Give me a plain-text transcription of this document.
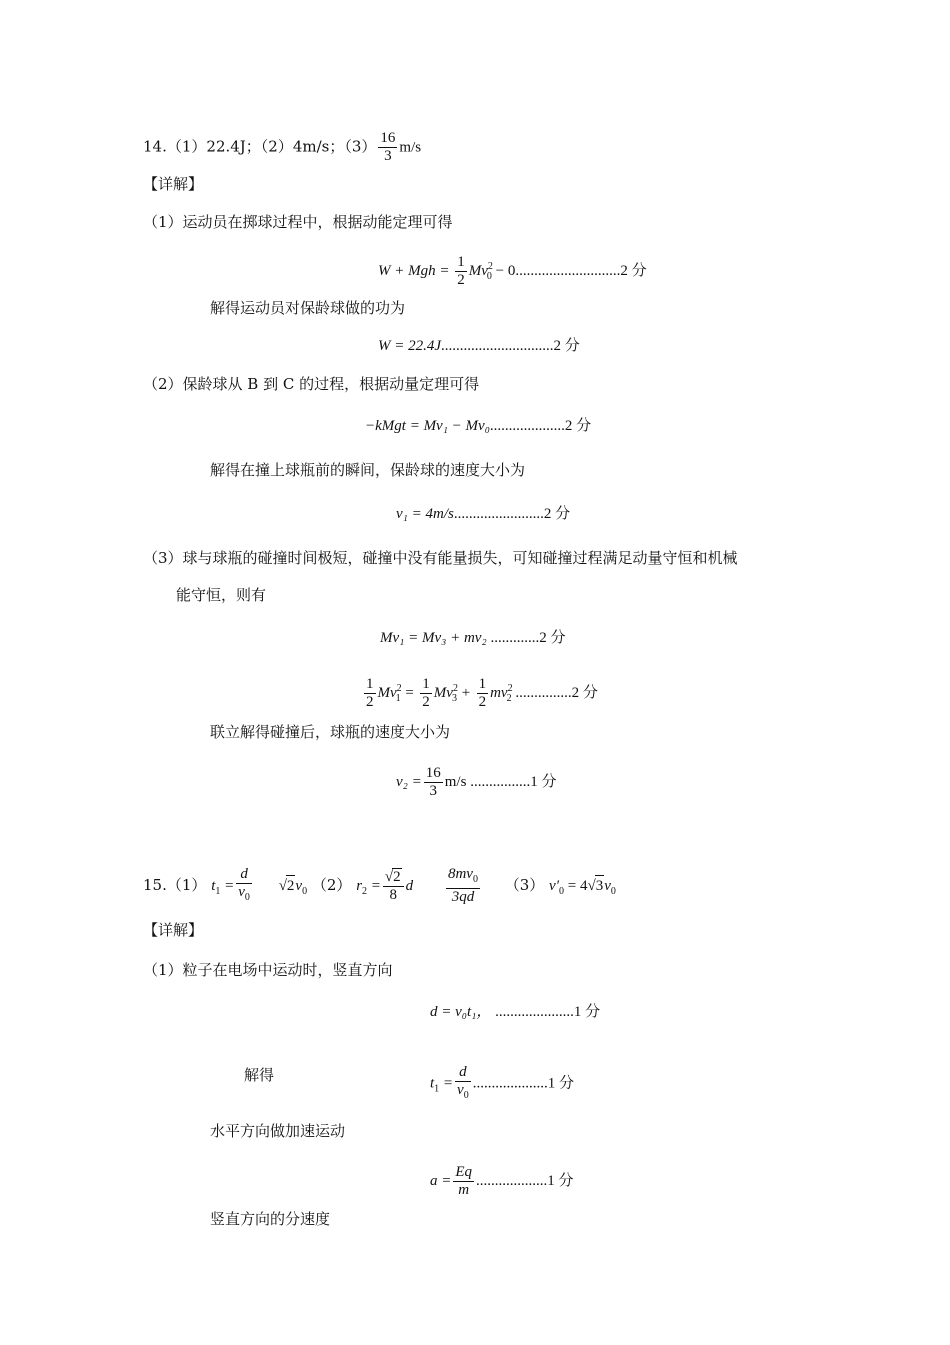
14.（1）22.4J；（2）4m/s；$(3) \frac{16}{3} m/s$
【详解】
（1）运动员在掷球过程中，根据动能定理可得
W + Mgh = $\frac{1}{2} Mv^2_0 - 0............................2$ 分
解得运动员对保龄球做的功为
W = 22.4J..............................2 分
（2）保龄球从 B 到 C 的过程，根据动量定理可得
−kMgt = Mv₁ − Mv₀....................2 分
解得在撞上球瓶前的瞬间，保龄球的速度大小为
v₁ = 4m/s........................2 分
（3）球与球瓶的碰撞时间极短，碰撞中没有能量损失，可知碰撞过程满足动量守恒和机械
能守恒，则有
Mv₁ = Mv₃ + mv₂ .............2 分
$\frac{1}{2} Mv^2_1 = \frac{1}{2} Mv^2_3 + \frac{1}{2} mv^2_2$ ...............2 分
联立解得碰撞后，球瓶的速度大小为
$v_2 = \frac{16}{3} m/s$ ................1 分
15.（1） $t_1 = \frac{d}{v_0} √2v_0$ （2） $r_2 = \frac{√2}{8}$ d $\frac{8mv_0}{3qd} (3) v'_0 = 4√3v_0$
【详解】
（1）粒子在电场中运动时，竖直方向
d = v₀t₁， .....................1 分
解得	$t_1 = \frac{d}{v_0} ....................1$ 分
水平方向做加速运动
$a = \frac{Eq}{m} ...................1$ 分
竖直方向的分速度
